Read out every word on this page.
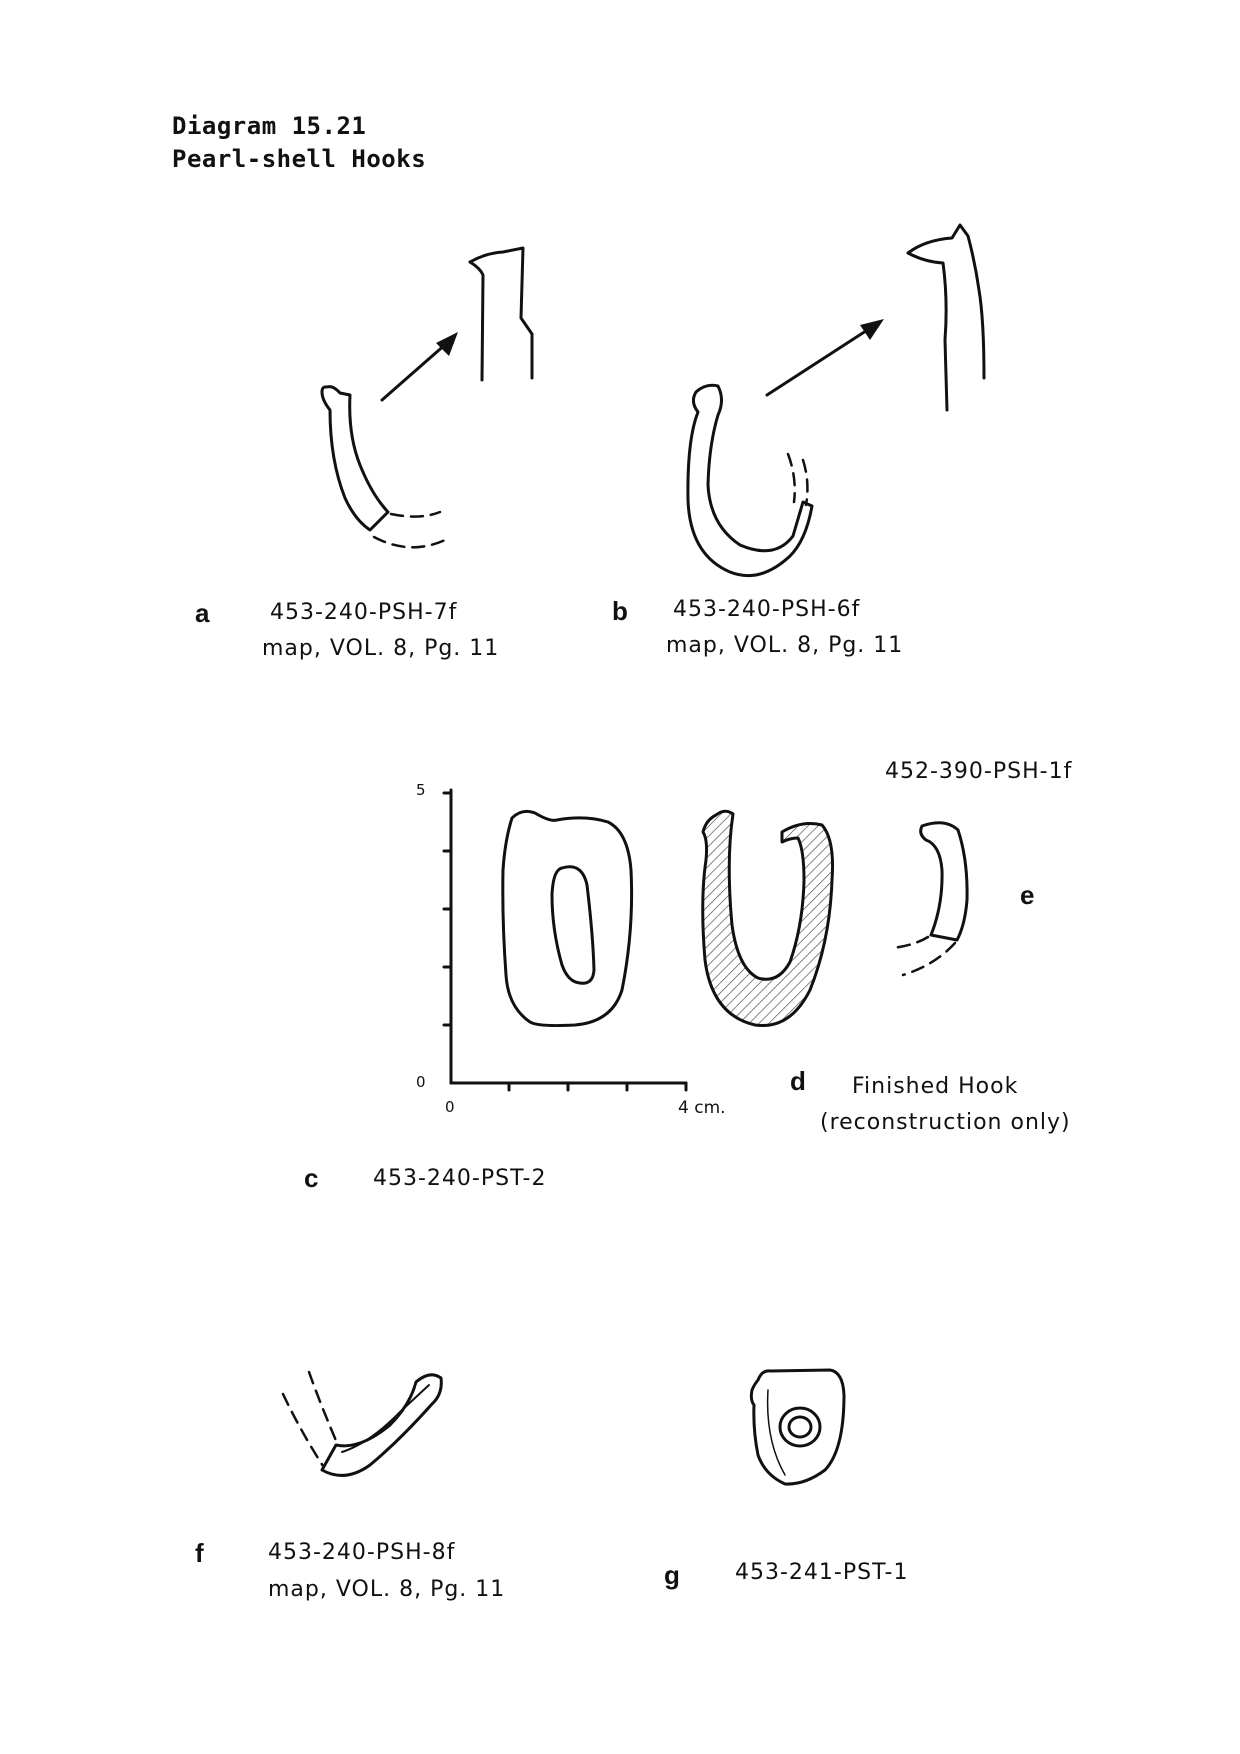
Diagram 15.21
Pearl-shell Hooks
5
0
0	4 cm.
a	453-240-PSH-7f
map, VOL. 8, Pg. 11
b 453-240-PSH-6f
map, VOL. 8, Pg. 11
452-390-PSH-1f
e
d Finished Hook
(reconstruction only)
c 453-240-PST-2
f	453-240-PSH-8f
map, VOL. 8, Pg. 11	g	453-241-PST-1
